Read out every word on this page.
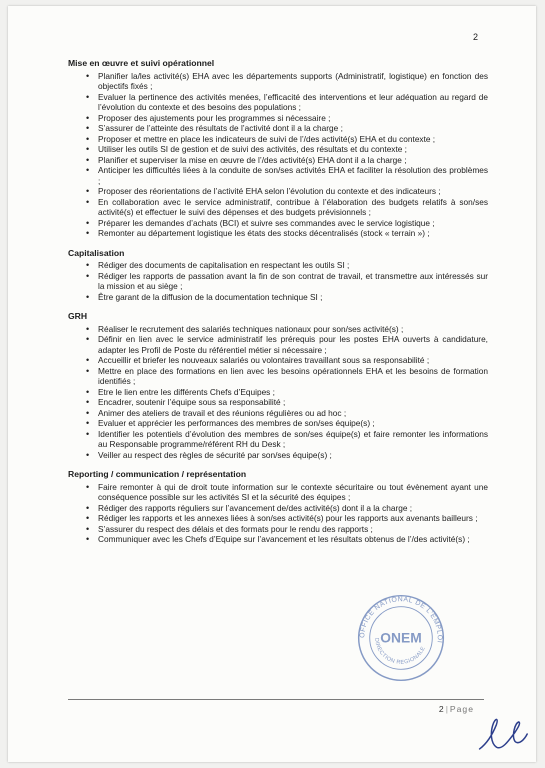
2
Mise en œuvre et suivi opérationnel
• Planifier la/les activité(s) EHA avec les départements supports (Administratif, logistique) en fonction des objectifs fixés ;
• Evaluer la pertinence des activités menées, l’efficacité des interventions et leur adéquation au regard de l’évolution du contexte et des besoins des populations ;
• Proposer des ajustements pour les programmes si nécessaire ;
• S’assurer de l’atteinte des résultats de l’activité dont il a la charge ;
• Proposer et mettre en place les indicateurs de suivi de l’/des activité(s) EHA et du contexte ;
• Utiliser les outils SI de gestion et de suivi des activités, des résultats et du contexte ;
• Planifier et superviser la mise en œuvre de l’/des activité(s) EHA dont il a la charge ;
• Anticiper les difficultés liées à la conduite de son/ses activités EHA et faciliter la résolution des problèmes ;
• Proposer des réorientations de l’activité EHA selon l’évolution du contexte et des indicateurs ;
• En collaboration avec le service administratif, contribue à l’élaboration des budgets relatifs à son/ses activité(s) et effectuer le suivi des dépenses et des budgets prévisionnels ;
• Préparer les demandes d’achats (BCI) et suivre ses commandes avec le service logistique ;
• Remonter au département logistique les états des stocks décentralisés (stock « terrain ») ;
Capitalisation
• Rédiger des documents de capitalisation en respectant les outils SI ;
• Rédiger les rapports de passation avant la fin de son contrat de travail, et transmettre aux intéressés sur la mission et au siège ;
• Être garant de la diffusion de la documentation technique SI ;
GRH
• Réaliser le recrutement des salariés techniques nationaux pour son/ses activité(s) ;
• Définir en lien avec le service administratif les prérequis pour les postes EHA ouverts à candidature, adapter les Profil de Poste du référentiel métier si nécessaire ;
• Accueillir et briefer les nouveaux salariés ou volontaires travaillant sous sa responsabilité ;
• Mettre en place des formations en lien avec les besoins opérationnels EHA et les besoins de formation identifiés ;
• Etre le lien entre les différents Chefs d’Equipes ;
• Encadrer, soutenir l’équipe sous sa responsabilité ;
• Animer des ateliers de travail et des réunions régulières ou ad hoc ;
• Evaluer et apprécier les performances des membres de son/ses équipe(s) ;
• Identifier les potentiels d’évolution des membres de son/ses équipe(s) et faire remonter les informations au Responsable programme/référent RH du Desk ;
• Veiller au respect des règles de sécurité par son/ses équipe(s) ;
Reporting / communication / représentation
• Faire remonter à qui de droit toute information sur le contexte sécuritaire ou tout évènement ayant une conséquence possible sur les activités SI et la sécurité des équipes ;
• Rédiger des rapports réguliers sur l’avancement de/des activité(s) dont il a la charge ;
• Rédiger les rapports et les annexes liées à son/ses activité(s) pour les rapports aux avenants bailleurs ;
• S’assurer du respect des délais et des formats pour le rendu des rapports ;
• Communiquer avec les Chefs d’Equipe sur l’avancement et les résultats obtenus de l’/des activité(s) ;
OFFICE NATIONAL DE L'EMPLOI
DIRECTION REGIONALE
ONEM
2 | Page
